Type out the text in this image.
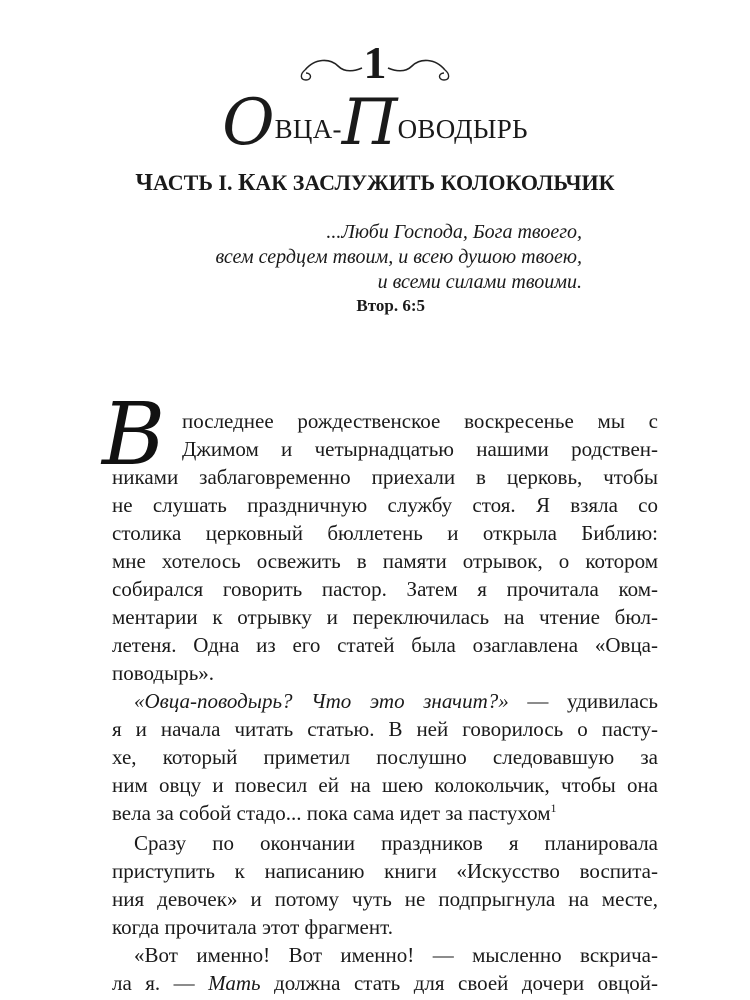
1
ОВЦА-ПОВОДЫРЬ
ЧАСТЬ I. КАК ЗАСЛУЖИТЬ КОЛОКОЛЬЧИК
...Люби Господа, Бога твоего,
всем сердцем твоим, и всею душою твоею,
и всеми силами твоими.
Втор. 6:5
В последнее рождественское воскресенье мы с
Джимом и четырнадцатью нашими родствен-
никами заблаговременно приехали в церковь, чтобы
не слушать праздничную службу стоя. Я взяла со
столика церковный бюллетень и открыла Библию:
мне хотелось освежить в памяти отрывок, о котором
собирался говорить пастор. Затем я прочитала ком-
ментарии к отрывку и переключилась на чтение бюл-
летеня. Одна из его статей была озаглавлена «Овца-
поводырь».
«Овца-поводырь? Что это значит?» — удивилась
я и начала читать статью. В ней говорилось о пасту-
хе, который приметил послушно следовавшую за
ним овцу и повесил ей на шею колокольчик, чтобы она
вела за собой стадо... пока сама идет за пастухом$^1$
Сразу по окончании праздников я планировала
приступить к написанию книги «Искусство воспита-
ния девочек» и потому чуть не подпрыгнула на месте,
когда прочитала этот фрагмент.
«Вот именно! Вот именно! — мысленно вскрича-
ла я. — Мать должна стать для своей дочери овцой-
